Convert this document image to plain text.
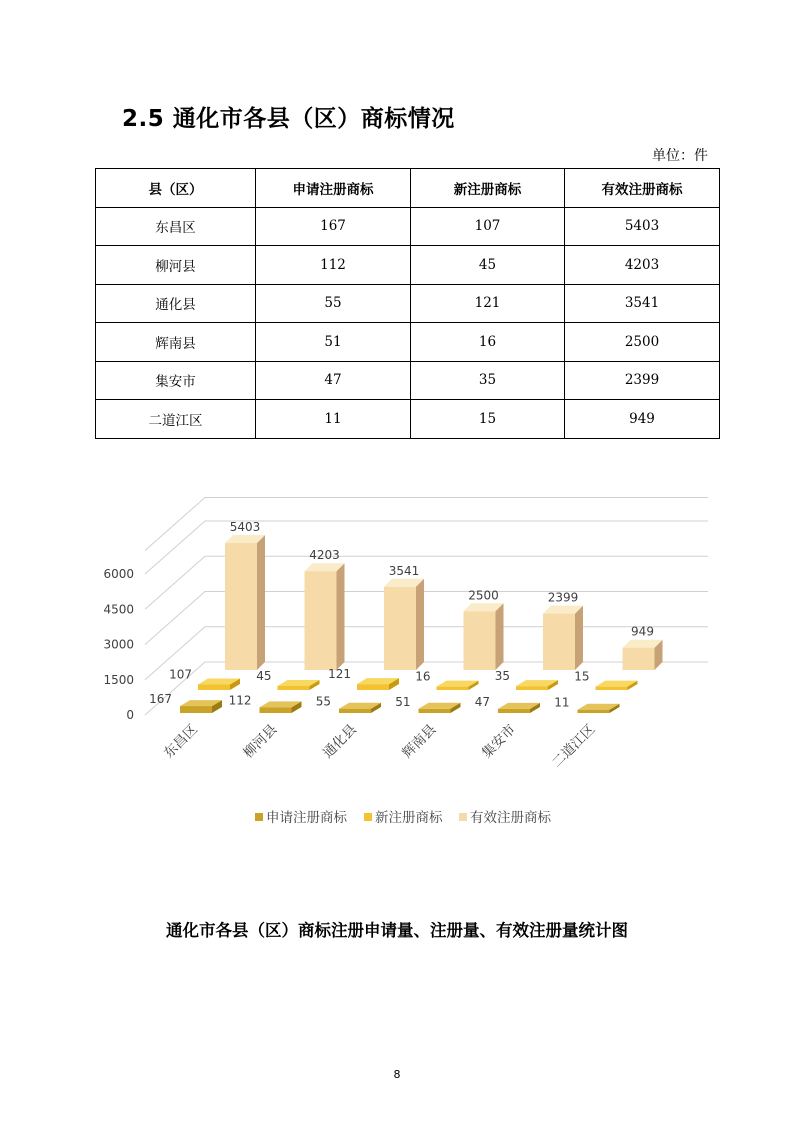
2.5 通化市各县（区）商标情况
单位：件
县（区）	申请注册商标	新注册商标	有效注册商标
东昌区	167	107	5403
柳河县	112	45	4203
通化县	55	121	3541
辉南县	51	16	2500
集安市	47	35	2399
二道江区	11	15	949
0
1500
3000
4500
6000
167
107
5403
东昌区
112
45
4203
柳河县
55
121
3541
通化县
51
16
2500
辉南县
47
35
2399
集安市
11
15
949
二道江区
申请注册商标 新注册商标 有效注册商标
通化市各县（区）商标注册申请量、注册量、有效注册量统计图
8
